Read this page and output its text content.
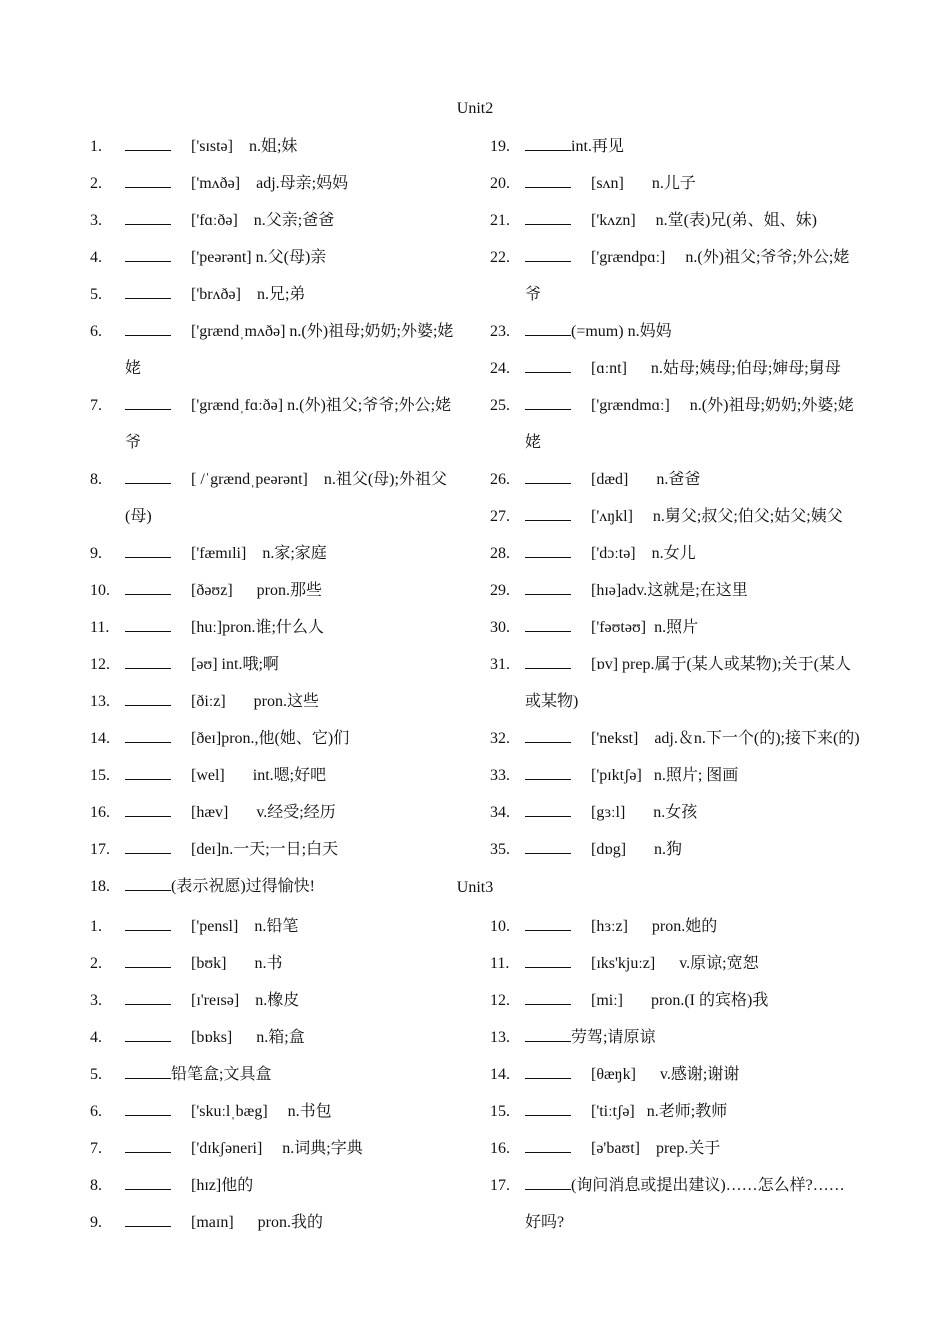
Unit2
1.	['sɪstə]    n.姐;妹
2.	['mʌðə]    adj.母亲;妈妈
3.	['fɑːðə]    n.父亲;爸爸
4.	['peərənt] n.父(母)亲
5.	['brʌðə]    n.兄;弟
6.	['grændˌmʌðə] n.(外)祖母;奶奶;外婆;姥姥
7.	['grændˌfɑːðə] n.(外)祖父;爷爷;外公;姥爷
8.	[ /ˈgrændˌpeərənt]    n.祖父(母);外祖父(母)
9.	['fæmɪli]    n.家;家庭
10.	[ðəʊz]      pron.那些
11.	[huː]pron.谁;什么人
12.	[əʊ] int.哦;啊
13.	[ðiːz]       pron.这些
14.	[ðeɪ]pron.,他(她、它)们
15.	[wel]       int.嗯;好吧
16.	[hæv]       v.经受;经历
17.	[deɪ]n.一天;一日;白天
18.	(表示祝愿)过得愉快!
19.	int.再见
20.	[sʌn]       n.儿子
21.	['kʌzn]     n.堂(表)兄(弟、姐、妹)
22.	['grændpɑː]     n.(外)祖父;爷爷;外公;姥爷
23.	(=mum) n.妈妈
24.	[ɑːnt]      n.姑母;姨母;伯母;婶母;舅母
25.	['grændmɑː]     n.(外)祖母;奶奶;外婆;姥姥
26.	[dæd]       n.爸爸
27.	['ʌŋkl]     n.舅父;叔父;伯父;姑父;姨父
28.	['dɔːtə]    n.女儿
29.	[hɪə]adv.这就是;在这里
30.	['fəʊtəʊ]  n.照片
31.	[ɒv] prep.属于(某人或某物);关于(某人或某物)
32.	['nekst]    adj.＆n.下一个(的);接下来(的)
33.	['pɪktʃə]   n.照片; 图画
34.	[gɜːl]       n.女孩
35.	[dɒg]       n.狗
Unit3
1.	['pensl]    n.铅笔
2.	[bʊk]       n.书
3.	[ɪ'reɪsə]    n.橡皮
4.	[bɒks]      n.箱;盒
5.	铅笔盒;文具盒
6.	['skuːlˌbæg]     n.书包
7.	['dɪkʃəneri]     n.词典;字典
8.	[hɪz]他的
9.	[maɪn]      pron.我的
10.	[hɜːz]      pron.她的
11.	[ɪks'kjuːz]      v.原谅;宽恕
12.	[miː]       pron.(I 的宾格)我
13.	劳驾;请原谅
14.	[θæŋk]      v.感谢;谢谢
15.	['tiːtʃə]   n.老师;教师
16.	[ə'baʊt]    prep.关于
17.	(询问消息或提出建议)……怎么样?……好吗?
